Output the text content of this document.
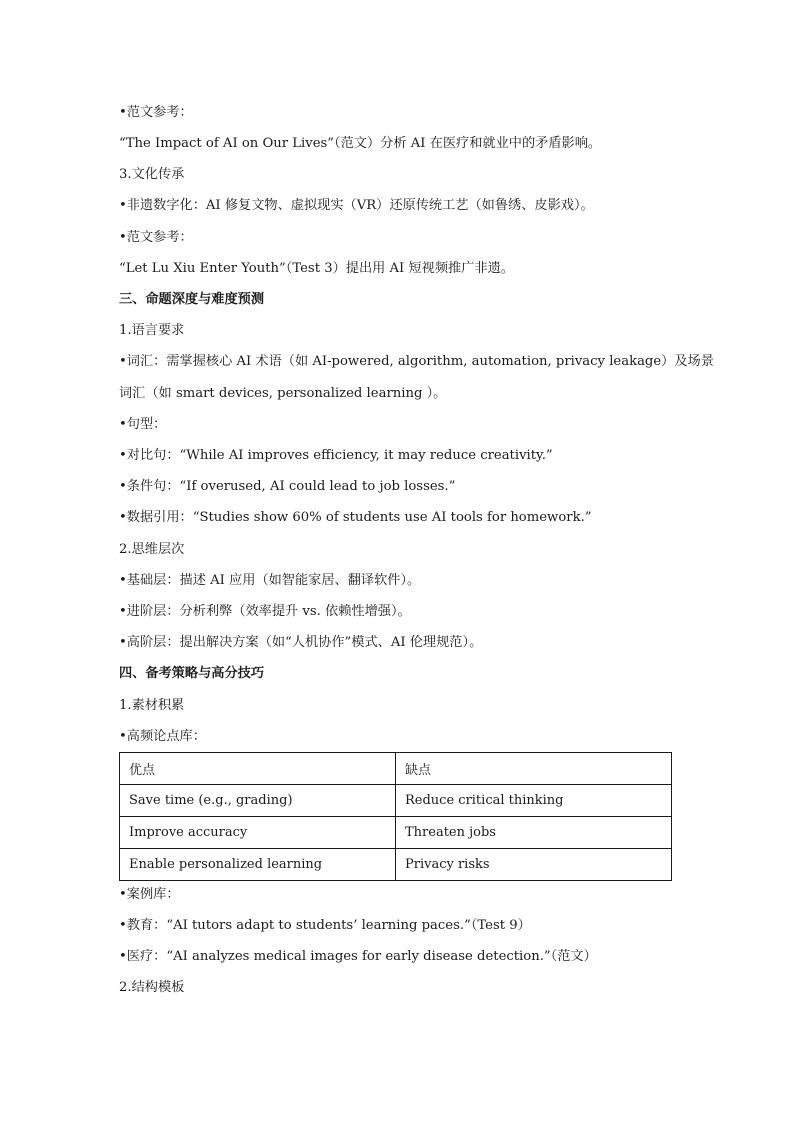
•范文参考：
“The Impact of AI on Our Lives”（范文）分析 AI 在医疗和就业中的矛盾影响。
3.文化传承
•非遗数字化：AI 修复文物、虚拟现实（VR）还原传统工艺（如鲁绣、皮影戏）。
•范文参考：
“Let Lu Xiu Enter Youth”（Test 3）提出用 AI 短视频推广非遗。
三、命题深度与难度预测
1.语言要求
•词汇：需掌握核心 AI 术语（如 AI-powered, algorithm, automation, privacy leakage）及场景
词汇（如 smart devices, personalized learning ）。
•句型：
•对比句：“While AI improves efficiency, it may reduce creativity.”
•条件句：“If overused, AI could lead to job losses.”
•数据引用：“Studies show 60% of students use AI tools for homework.”
2.思维层次
•基础层：描述 AI 应用（如智能家居、翻译软件）。
•进阶层：分析利弊（效率提升 vs. 依赖性增强）。
•高阶层：提出解决方案（如“人机协作”模式、AI 伦理规范）。
四、备考策略与高分技巧
1.素材积累
•高频论点库：
优点	缺点
Save time (e.g., grading)	Reduce critical thinking
Improve accuracy	Threaten jobs
Enable personalized learning	Privacy risks
•案例库：
•教育：“AI tutors adapt to students’ learning paces.”（Test 9）
•医疗：“AI analyzes medical images for early disease detection.”（范文）
2.结构模板
